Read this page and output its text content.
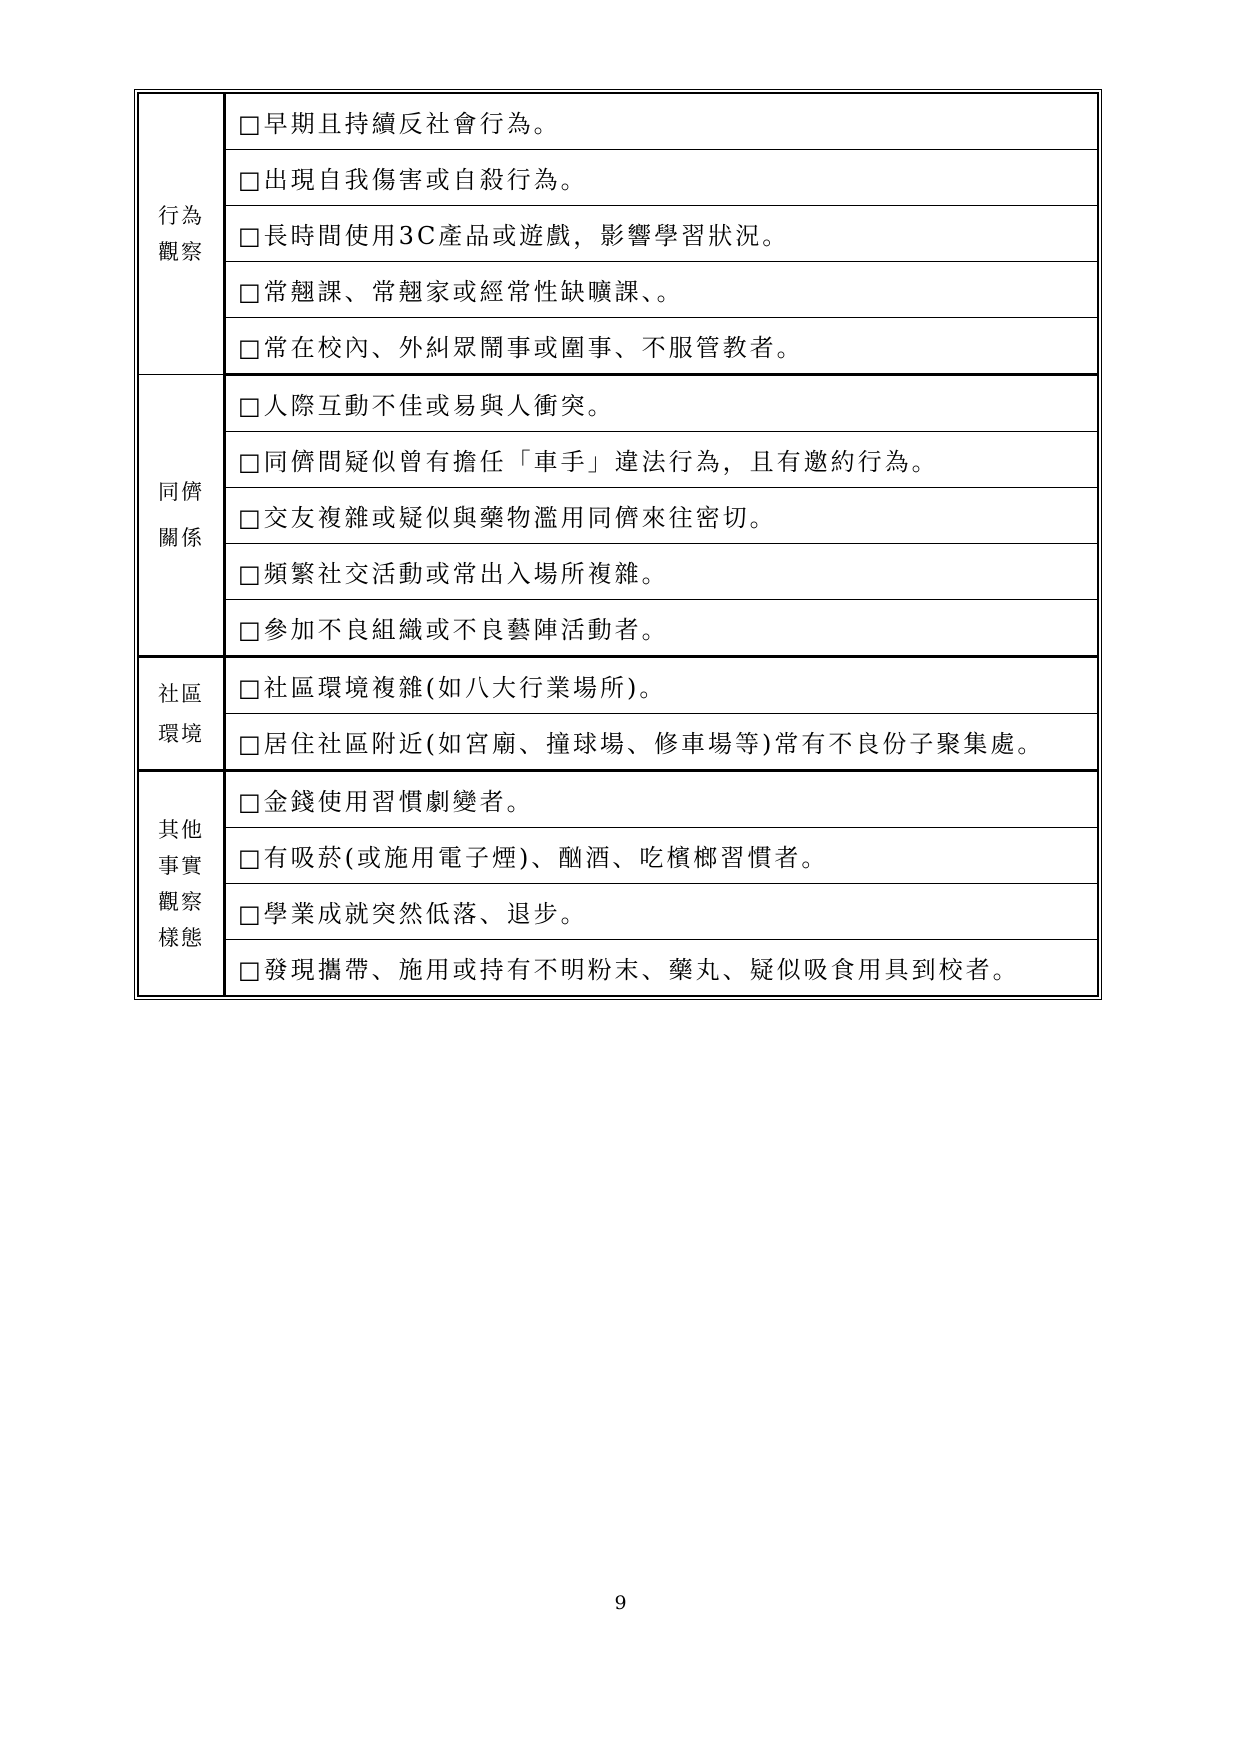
行為
觀察	□早期且持續反社會行為。
	□出現自我傷害或自殺行為。
	□長時間使用3C產品或遊戲，影響學習狀況。
	□常翹課、常翹家或經常性缺曠課、。
	□常在校內、外糾眾鬧事或圍事、不服管教者。

同儕
關係	□人際互動不佳或易與人衝突。
	□同儕間疑似曾有擔任「車手」違法行為，且有邀約行為。
	□交友複雜或疑似與藥物濫用同儕來往密切。
	□頻繁社交活動或常出入場所複雜。
	□參加不良組織或不良藝陣活動者。

社區
環境	□社區環境複雜(如八大行業場所)。
	□居住社區附近(如宮廟、撞球場、修車場等)常有不良份子聚集處。

其他
事實
觀察
樣態	□金錢使用習慣劇變者。
	□有吸菸(或施用電子煙)、酗酒、吃檳榔習慣者。
	□學業成就突然低落、退步。
	□發現攜帶、施用或持有不明粉末、藥丸、疑似吸食用具到校者。
9
